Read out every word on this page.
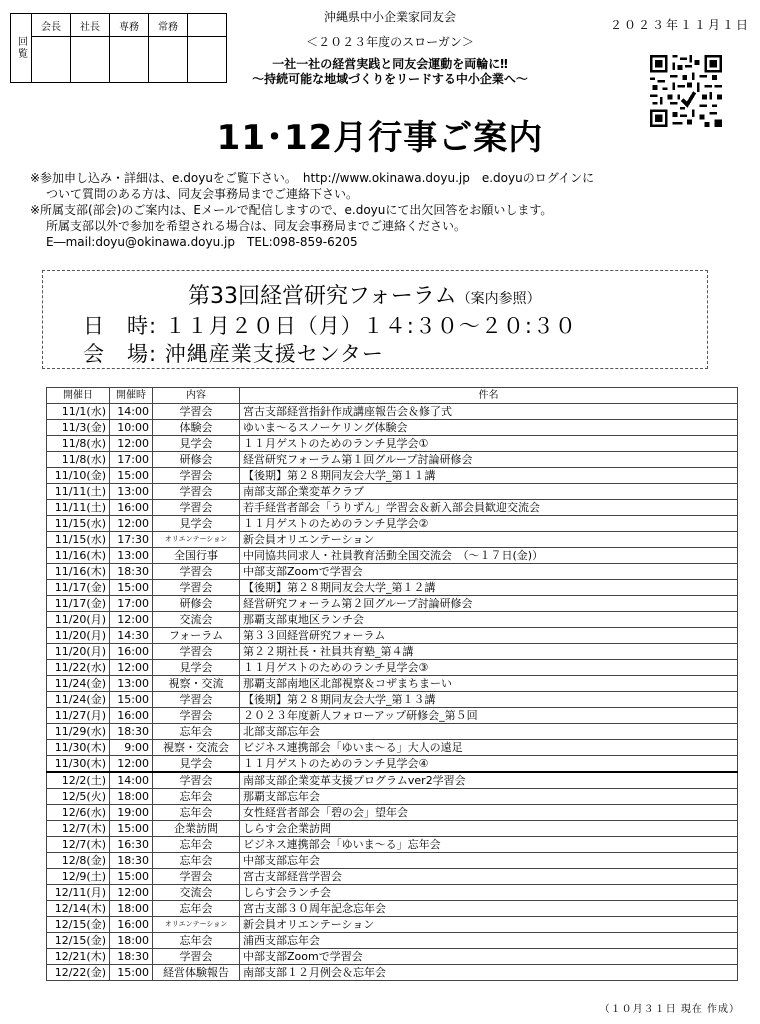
回覧	会長	社長	専務	常務	

沖縄県中小企業家同友会
＜２０２３年度のスローガン＞
２０２３年１１月１日
一社一社の経営実践と同友会運動を両輪に‼
～持続可能な地域づくりをリードする中小企業へ～
11･12月行事ご案内
※参加申し込み・詳細は、e.doyuをご覧下さい。　http://www.okinawa.doyu.jp　e.doyuのログインに
ついて質問のある方は、同友会事務局までご連絡下さい。
※所属支部(部会)のご案内は、Eメールで配信しますので、e.doyuにて出欠回答をお願いします。
所属支部以外で参加を希望される場合は、同友会事務局までご連絡ください。
E―mail:doyu@okinawa.doyu.jp　TEL:098-859-6205
第33回経営研究フォーラム（案内参照）
日　時: １１月２０日（月）１４:３０～２０:３０
会　場: 沖縄産業支援センター
開催日	開催時	内容	件名
11/1(水)	14:00	学習会	宮古支部経営指針作成講座報告会＆修了式
11/3(金)	10:00	体験会	ゆいま～るスノーケリング体験会
11/8(水)	12:00	見学会	１１月ゲストのためのランチ見学会①
11/8(水)	17:00	研修会	経営研究フォーラム第１回グループ討論研修会
11/10(金)	15:00	学習会	【後期】第２８期同友会大学_第１１講
11/11(土)	13:00	学習会	南部支部企業変革クラブ
11/11(土)	16:00	学習会	若手経営者部会「うりずん」学習会＆新入部会員歓迎交流会
11/15(水)	12:00	見学会	１１月ゲストのためのランチ見学会②
11/15(水)	17:30	オリエンテーション	新会員オリエンテーション
11/16(木)	13:00	全国行事	中同協共同求人・社員教育活動全国交流会　（～１７日(金)）
11/16(木)	18:30	学習会	中部支部Zoomで学習会
11/17(金)	15:00	学習会	【後期】第２８期同友会大学_第１２講
11/17(金)	17:00	研修会	経営研究フォーラム第２回グループ討論研修会
11/20(月)	12:00	交流会	那覇支部東地区ランチ会
11/20(月)	14:30	フォーラム	第３３回経営研究フォーラム
11/20(月)	16:00	学習会	第２２期社長・社員共育塾_第４講
11/22(水)	12:00	見学会	１１月ゲストのためのランチ見学会③
11/24(金)	13:00	視察・交流	那覇支部南地区北部視察＆コザまちまーい
11/24(金)	15:00	学習会	【後期】第２８期同友会大学_第１３講
11/27(月)	16:00	学習会	２０２３年度新人フォローアップ研修会_第５回
11/29(水)	18:30	忘年会	北部支部忘年会
11/30(木)	9:00	視察・交流会	ビジネス連携部会「ゆいま～る」大人の遠足
11/30(木)	12:00	見学会	１１月ゲストのためのランチ見学会④
12/2(土)	14:00	学習会	南部支部企業変革支援プログラムver2学習会
12/5(火)	18:00	忘年会	那覇支部忘年会
12/6(水)	19:00	忘年会	女性経営者部会「碧の会」望年会
12/7(木)	15:00	企業訪問	しらす会企業訪問
12/7(木)	16:30	忘年会	ビジネス連携部会「ゆいま～る」忘年会
12/8(金)	18:30	忘年会	中部支部忘年会
12/9(土)	15:00	学習会	宮古支部経営学習会
12/11(月)	12:00	交流会	しらす会ランチ会
12/14(木)	18:00	忘年会	宮古支部３０周年記念忘年会
12/15(金)	16:00	オリエンテーション	新会員オリエンテーション
12/15(金)	18:00	忘年会	浦西支部忘年会
12/21(木)	18:30	学習会	中部支部Zoomで学習会
12/22(金)	15:00	経営体験報告	南部支部１２月例会＆忘年会
（１０月３１日 現在 作成）
